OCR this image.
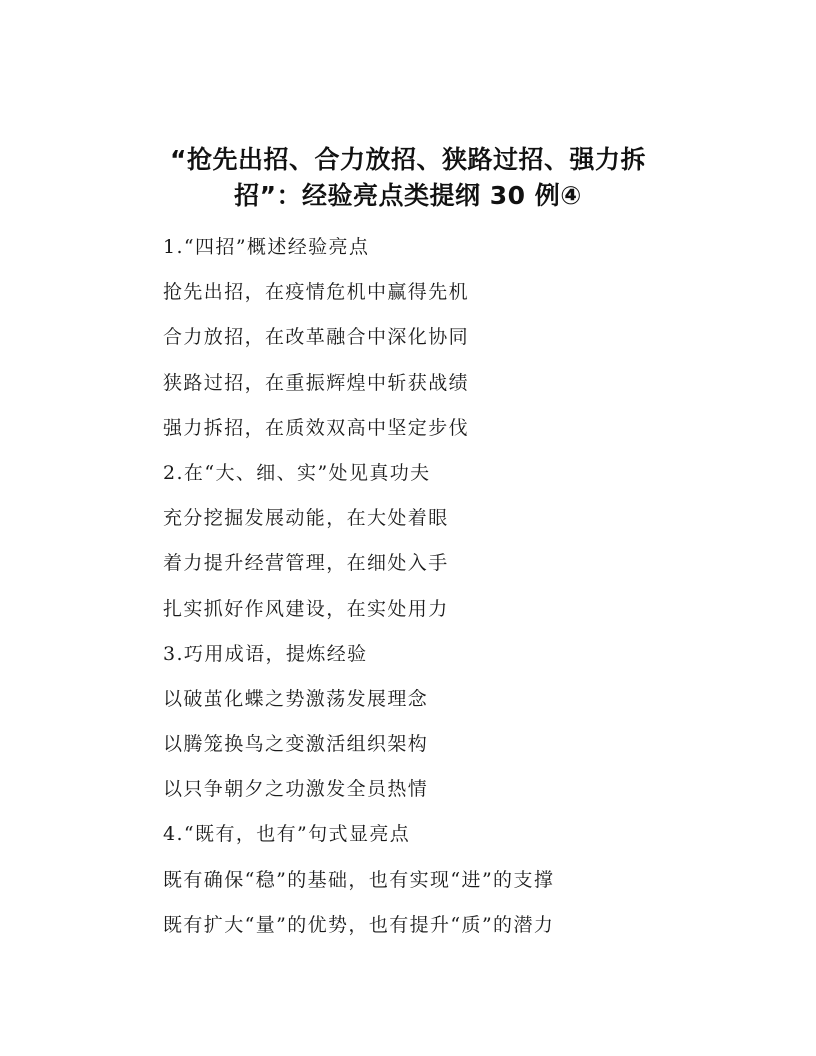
“抢先出招、合力放招、狭路过招、强力拆
招”：经验亮点类提纲 30 例④
1.“四招”概述经验亮点
抢先出招，在疫情危机中赢得先机
合力放招，在改革融合中深化协同
狭路过招，在重振辉煌中斩获战绩
强力拆招，在质效双高中坚定步伐
2.在“大、细、实”处见真功夫
充分挖掘发展动能，在大处着眼
着力提升经营管理，在细处入手
扎实抓好作风建设，在实处用力
3.巧用成语，提炼经验
以破茧化蝶之势激荡发展理念
以腾笼换鸟之变激活组织架构
以只争朝夕之功激发全员热情
4.“既有，也有”句式显亮点
既有确保“稳”的基础，也有实现“进”的支撑
既有扩大“量”的优势，也有提升“质”的潜力
